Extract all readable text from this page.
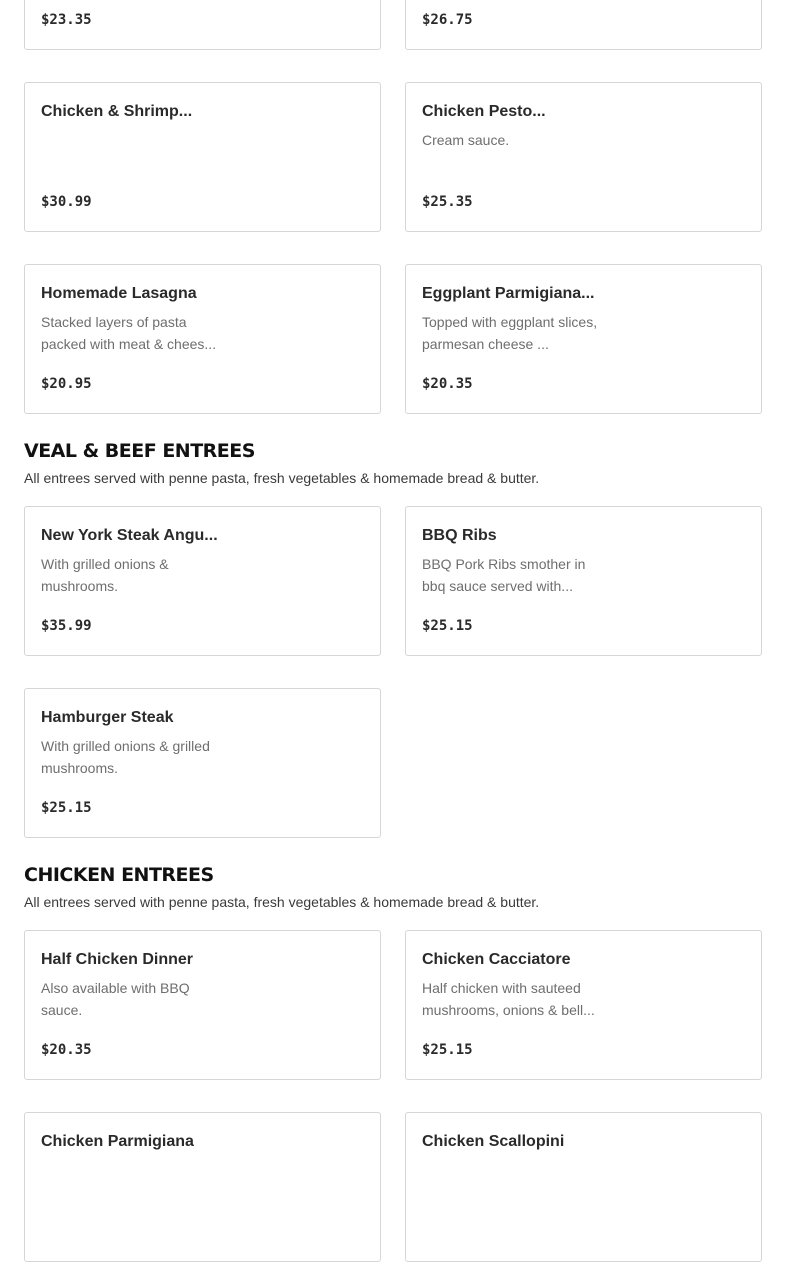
$23.35	$26.75
Chicken & Shrimp...
$30.99
Chicken Pesto...
Cream sauce.
$25.35
Homemade Lasagna
Stacked layers of pasta packed with meat & chees...
$20.95
Eggplant Parmigiana...
Topped with eggplant slices, parmesan cheese ...
$20.35
VEAL & BEEF ENTREES
All entrees served with penne pasta, fresh vegetables & homemade bread & butter.
New York Steak Angu...
With grilled onions & mushrooms.
$35.99
BBQ Ribs
BBQ Pork Ribs smother in bbq sauce served with...
$25.15
Hamburger Steak
With grilled onions & grilled mushrooms.
$25.15
CHICKEN ENTREES
All entrees served with penne pasta, fresh vegetables & homemade bread & butter.
Half Chicken Dinner
Also available with BBQ sauce.
$20.35
Chicken Cacciatore
Half chicken with sauteed mushrooms, onions & bell...
$25.15
Chicken Parmigiana	Chicken Scallopini
